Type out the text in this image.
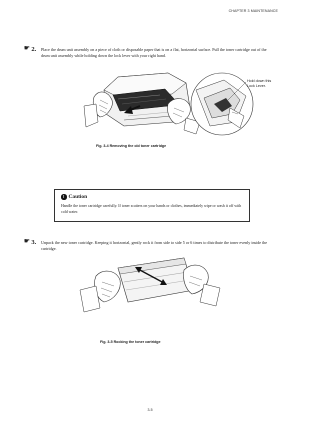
CHAPTER 3 MAINTENANCE
☛ 2. Place the drum unit assembly on a piece of cloth or disposable paper that is on a flat, horizontal surface. Pull the toner cartridge out of the drum unit assembly while holding down the lock lever with your right hand.
Hold down this
Lock Lever.
Fig. 3-4 Removing the old toner cartridge
! Caution
Handle the toner cartridge carefully. If toner scatters on your hands or clothes, immediately wipe or wash it off with cold water.
☛ 3. Unpack the new toner cartridge. Keeping it horizontal, gently rock it from side to side 5 or 6 times to distribute the toner evenly inside the cartridge.
Fig. 3-5 Rocking the toner cartridge
3-5
